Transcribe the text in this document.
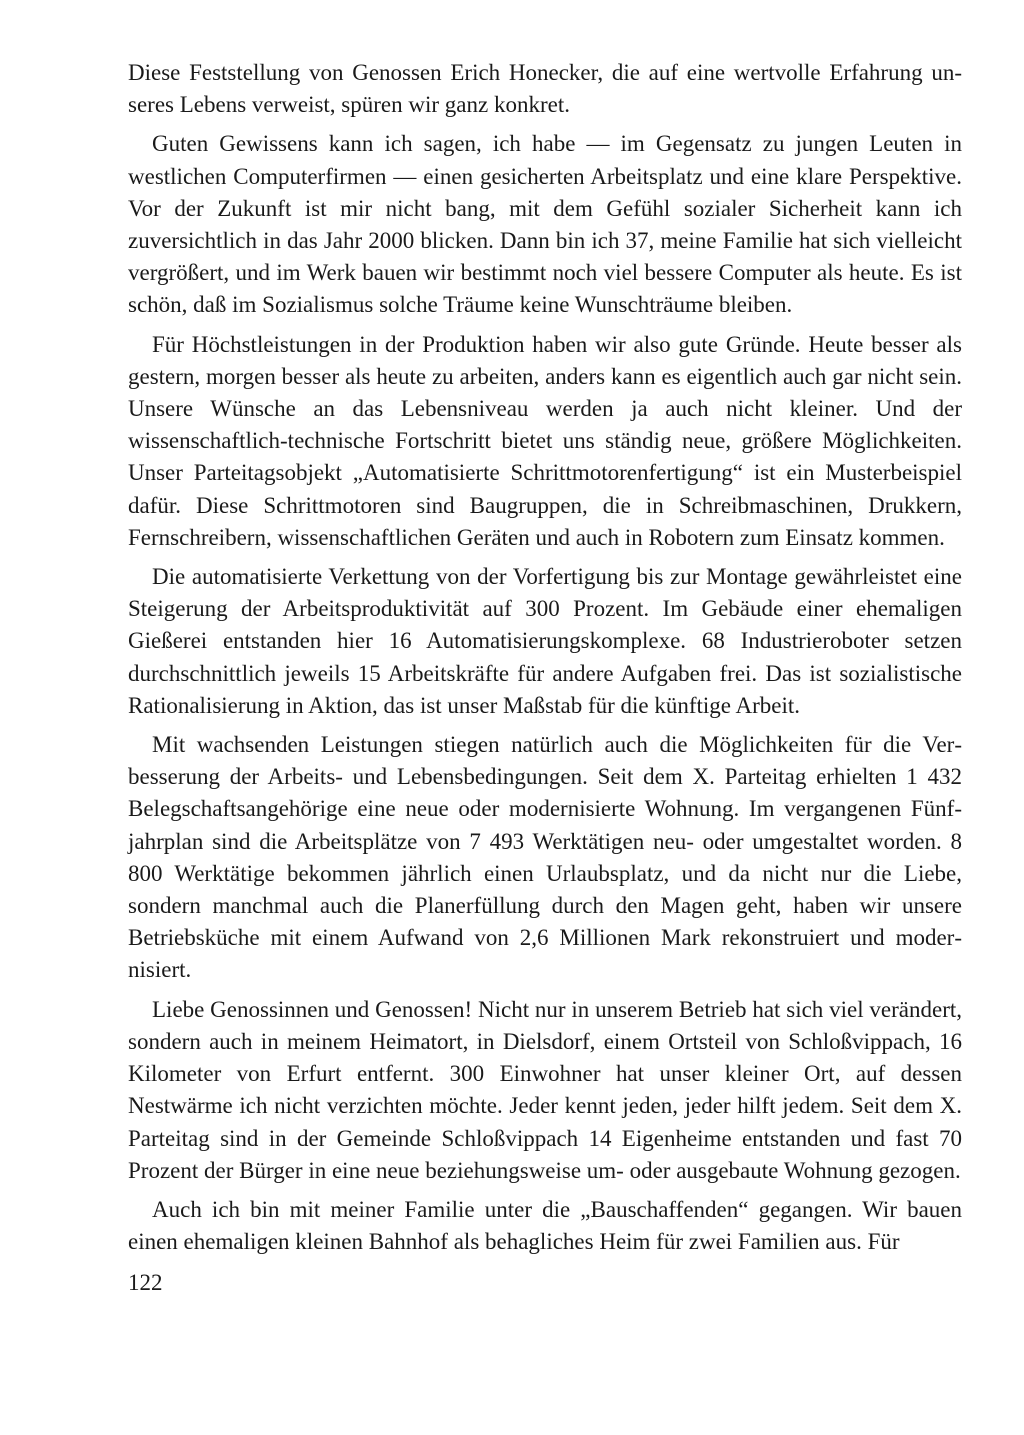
Diese Feststellung von Genossen Erich Honecker, die auf eine wertvolle Erfahrung unseres Lebens verweist, spüren wir ganz konkret.

Guten Gewissens kann ich sagen, ich habe — im Gegensatz zu jungen Leuten in westlichen Computerfirmen — einen gesicherten Arbeitsplatz und eine klare Perspektive. Vor der Zukunft ist mir nicht bang, mit dem Gefühl sozialer Sicherheit kann ich zuversichtlich in das Jahr 2000 blicken. Dann bin ich 37, meine Familie hat sich vielleicht vergrößert, und im Werk bauen wir bestimmt noch viel bessere Computer als heute. Es ist schön, daß im Sozialismus solche Träume keine Wunschträume bleiben.

Für Höchstleistungen in der Produktion haben wir also gute Gründe. Heute besser als gestern, morgen besser als heute zu arbeiten, anders kann es eigentlich auch gar nicht sein. Unsere Wünsche an das Lebensniveau werden ja auch nicht kleiner. Und der wissenschaftlich-technische Fortschritt bietet uns ständig neue, größere Möglichkeiten. Unser Parteitagsobjekt „Automatisierte Schrittmotorenfertigung“ ist ein Musterbeispiel dafür. Diese Schrittmotoren sind Baugruppen, die in Schreibmaschinen, Drukkern, Fernschreibern, wissenschaftlichen Geräten und auch in Robotern zum Einsatz kommen.

Die automatisierte Verkettung von der Vorfertigung bis zur Montage gewährleistet eine Steigerung der Arbeitsproduktivität auf 300 Prozent. Im Gebäude einer ehemaligen Gießerei entstanden hier 16 Automatisierungskomplexe. 68 Industrieroboter setzen durchschnittlich jeweils 15 Arbeitskräfte für andere Aufgaben frei. Das ist sozialistische Rationalisierung in Aktion, das ist unser Maßstab für die künftige Arbeit.

Mit wachsenden Leistungen stiegen natürlich auch die Möglichkeiten für die Verbesserung der Arbeits- und Lebensbedingungen. Seit dem X. Parteitag erhielten 1 432 Belegschaftsangehörige eine neue oder modernisierte Wohnung. Im vergangenen Fünfjahrplan sind die Arbeitsplätze von 7 493 Werktätigen neu- oder umgestaltet worden. 8 800 Werktätige bekommen jährlich einen Urlaubsplatz, und da nicht nur die Liebe, sondern manchmal auch die Planerfüllung durch den Magen geht, haben wir unsere Betriebsküche mit einem Aufwand von 2,6 Millionen Mark rekonstruiert und modernisiert.

Liebe Genossinnen und Genossen! Nicht nur in unserem Betrieb hat sich viel verändert, sondern auch in meinem Heimatort, in Dielsdorf, einem Ortsteil von Schloßvippach, 16 Kilometer von Erfurt entfernt. 300 Einwohner hat unser kleiner Ort, auf dessen Nestwärme ich nicht verzichten möchte. Jeder kennt jeden, jeder hilft jedem. Seit dem X. Parteitag sind in der Gemeinde Schloßvippach 14 Eigenheime entstanden und fast 70 Prozent der Bürger in eine neue beziehungsweise um- oder ausgebaute Wohnung gezogen.

Auch ich bin mit meiner Familie unter die „Bauschaffenden“ gegangen. Wir bauen einen ehemaligen kleinen Bahnhof als behagliches Heim für zwei Familien aus. Für

122
